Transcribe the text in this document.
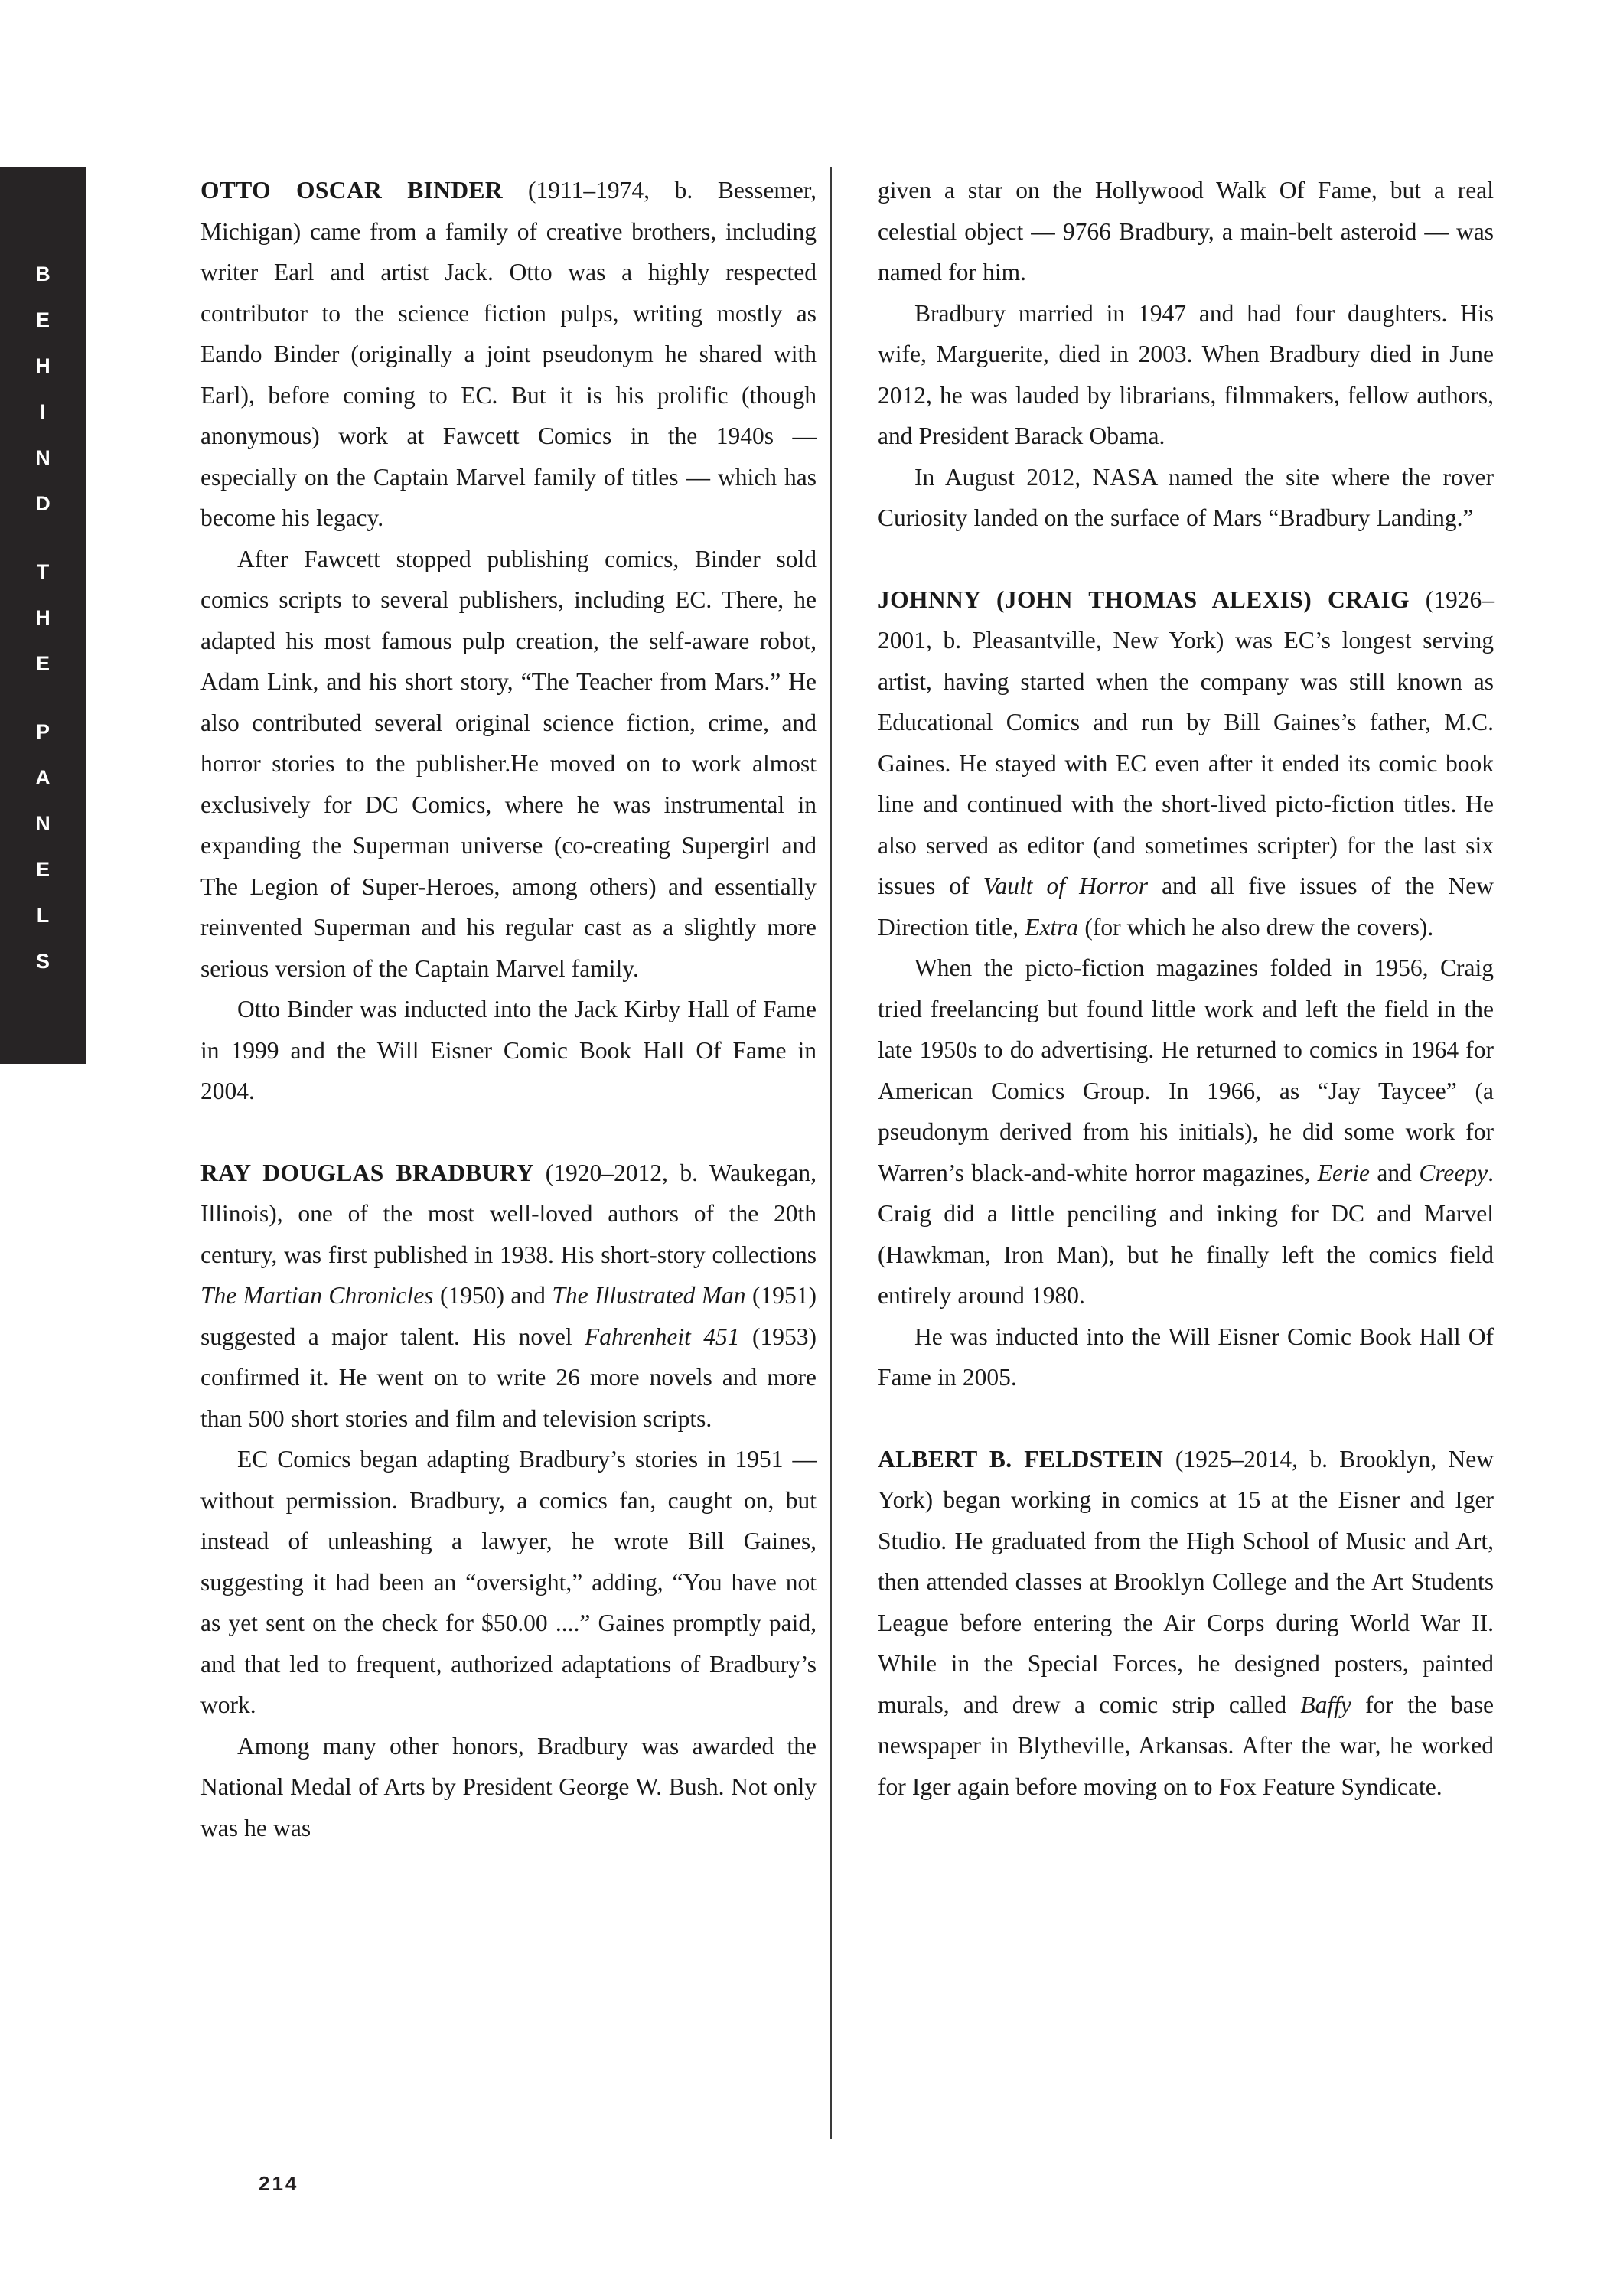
B
E
H
I
N
D
T
H
E
P
A
N
E
L
S

OTTO OSCAR BINDER (1911–1974, b. Bessemer, Michigan) came from a family of creative brothers, including writer Earl and artist Jack. Otto was a highly respected contributor to the science fiction pulps, writing mostly as Eando Binder (originally a joint pseudonym he shared with Earl), before coming to EC. But it is his prolific (though anonymous) work at Fawcett Comics in the 1940s — especially on the Captain Marvel family of titles — which has become his legacy.

After Fawcett stopped publishing comics, Binder sold comics scripts to several publishers, including EC. There, he adapted his most famous pulp creation, the self-aware robot, Adam Link, and his short story, “The Teacher from Mars.” He also contributed several original science fiction, crime, and horror stories to the publisher.He moved on to work almost exclusively for DC Comics, where he was instrumental in expanding the Superman universe (co-creating Supergirl and The Legion of Super-Heroes, among others) and essentially reinvented Superman and his regular cast as a slightly more serious version of the Captain Marvel family.

Otto Binder was inducted into the Jack Kirby Hall of Fame in 1999 and the Will Eisner Comic Book Hall Of Fame in 2004.

RAY DOUGLAS BRADBURY (1920–2012, b. Waukegan, Illinois), one of the most well-loved authors of the 20th century, was first published in 1938. His short-story collections The Martian Chronicles (1950) and The Illustrated Man (1951) suggested a major talent. His novel Fahrenheit 451 (1953) confirmed it. He went on to write 26 more novels and more than 500 short stories and film and television scripts.

EC Comics began adapting Bradbury’s stories in 1951 — without permission. Bradbury, a comics fan, caught on, but instead of unleashing a lawyer, he wrote Bill Gaines, suggesting it had been an “oversight,” adding, “You have not as yet sent on the check for $50.00 ....” Gaines promptly paid, and that led to frequent, authorized adaptations of Bradbury’s work.

Among many other honors, Bradbury was awarded the National Medal of Arts by President George W. Bush. Not only was he was

given a star on the Hollywood Walk Of Fame, but a real celestial object — 9766 Bradbury, a main-belt asteroid — was named for him.

Bradbury married in 1947 and had four daughters. His wife, Marguerite, died in 2003. When Bradbury died in June 2012, he was lauded by librarians, filmmakers, fellow authors, and President Barack Obama.

In August 2012, NASA named the site where the rover Curiosity landed on the surface of Mars “Bradbury Landing.”

JOHNNY (JOHN THOMAS ALEXIS) CRAIG (1926–2001, b. Pleasantville, New York) was EC’s longest serving artist, having started when the company was still known as Educational Comics and run by Bill Gaines’s father, M.C. Gaines. He stayed with EC even after it ended its comic book line and continued with the short-lived picto-fiction titles. He also served as editor (and sometimes scripter) for the last six issues of Vault of Horror and all five issues of the New Direction title, Extra (for which he also drew the covers).

When the picto-fiction magazines folded in 1956, Craig tried freelancing but found little work and left the field in the late 1950s to do advertising. He returned to comics in 1964 for American Comics Group. In 1966, as “Jay Taycee” (a pseudonym derived from his initials), he did some work for Warren’s black-and-white horror magazines, Eerie and Creepy. Craig did a little penciling and inking for DC and Marvel (Hawkman, Iron Man), but he finally left the comics field entirely around 1980.

He was inducted into the Will Eisner Comic Book Hall Of Fame in 2005.

ALBERT B. FELDSTEIN (1925–2014, b. Brooklyn, New York) began working in comics at 15 at the Eisner and Iger Studio. He graduated from the High School of Music and Art, then attended classes at Brooklyn College and the Art Students League before entering the Air Corps during World War II. While in the Special Forces, he designed posters, painted murals, and drew a comic strip called Baffy for the base newspaper in Blytheville, Arkansas. After the war, he worked for Iger again before moving on to Fox Feature Syndicate.

214
